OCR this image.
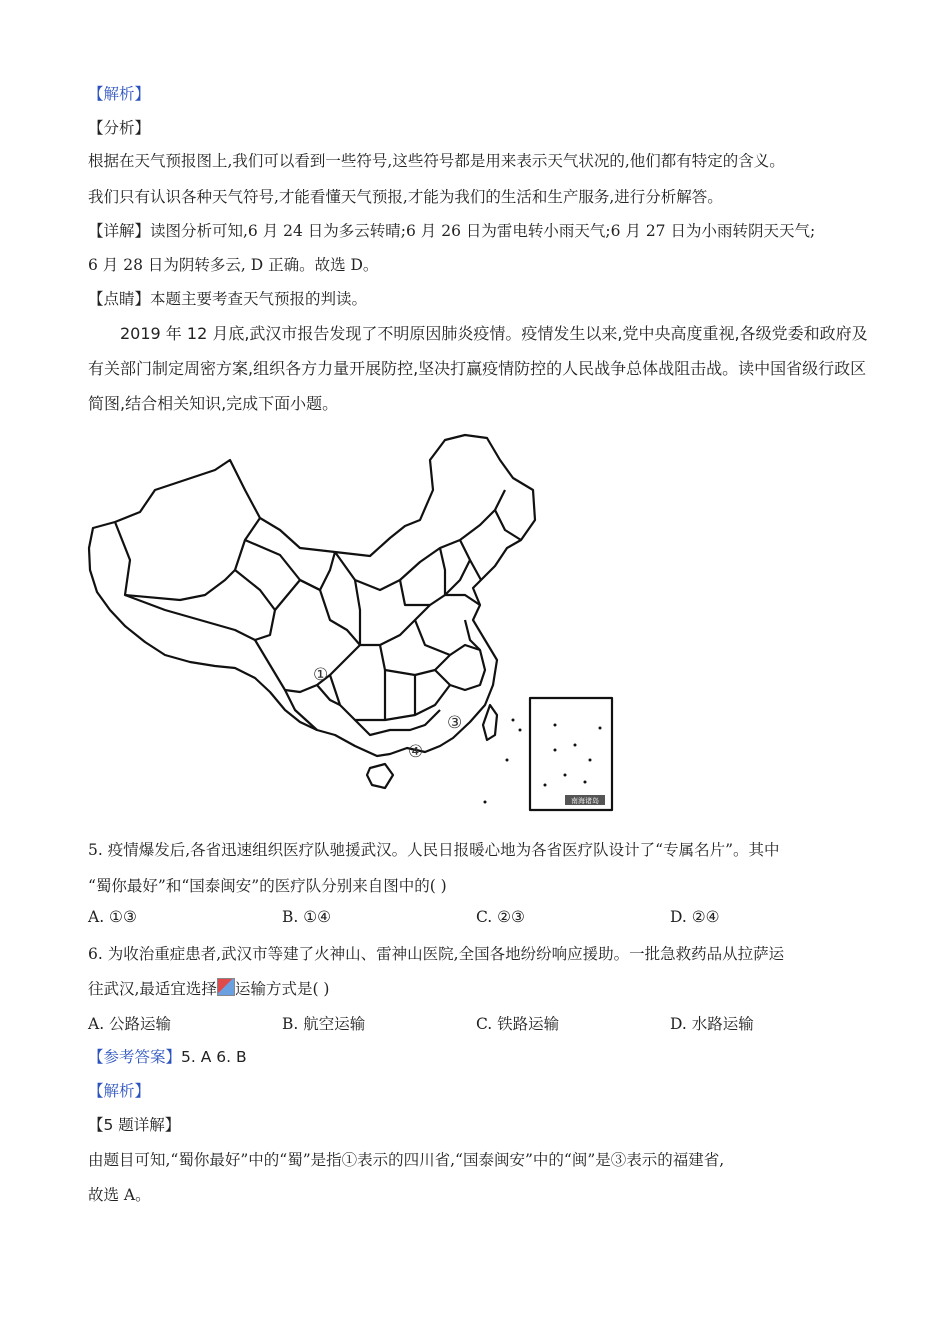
【解析】
【分析】
根据在天气预报图上,我们可以看到一些符号,这些符号都是用来表示天气状况的,他们都有特定的含义。
我们只有认识各种天气符号,才能看懂天气预报,才能为我们的生活和生产服务,进行分析解答。
【详解】读图分析可知,6 月 24 日为多云转晴;6 月 26 日为雷电转小雨天气;6 月 27 日为小雨转阴天天气;
6 月 28 日为阴转多云, D 正确。故选 D。
【点睛】本题主要考查天气预报的判读。
2019 年 12 月底,武汉市报告发现了不明原因肺炎疫情。疫情发生以来,党中央高度重视,各级党委和政府及有关部门制定周密方案,组织各方力量开展防控,坚决打赢疫情防控的人民战争总体战阻击战。读中国省级行政区简图,结合相关知识,完成下面小题。
南海诸岛
①
③
④
5. 疫情爆发后,各省迅速组织医疗队驰援武汉。人民日报暖心地为各省医疗队设计了“专属名片”。其中
“蜀你最好”和“国泰闽安”的医疗队分别来自图中的( )
A. ①③	B. ①④	C. ②③	D. ②④
6. 为收治重症患者,武汉市等建了火神山、雷神山医院,全国各地纷纷响应援助。一批急救药品从拉萨运
往武汉,最适宜选择 运输方式是( )
A. 公路运输	B. 航空运输	C. 铁路运输	D. 水路运输
【参考答案】5. A 6. B
【解析】
【5 题详解】
由题目可知,“蜀你最好”中的“蜀”是指①表示的四川省,“国泰闽安”中的“闽”是③表示的福建省,
故选 A。
